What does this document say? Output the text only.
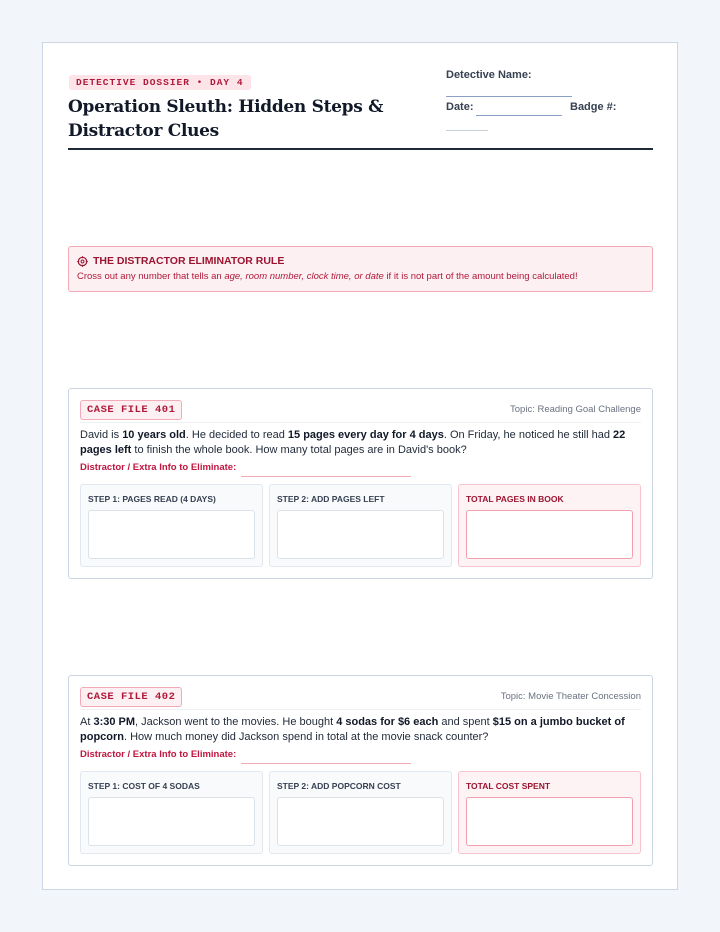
DETECTIVE DOSSIER • DAY 4
Operation Sleuth: Hidden Steps & Distractor Clues
Detective Name:
Date:	Badge #:
THE DISTRACTOR ELIMINATOR RULE
Cross out any number that tells an age, room number, clock time, or date if it is not part of the amount being calculated!
CASE FILE 401	Topic: Reading Goal Challenge
David is 10 years old. He decided to read 15 pages every day for 4 days. On Friday, he noticed he still had 22 pages left to finish the whole book. How many total pages are in David's book?
Distractor / Extra Info to Eliminate:
STEP 1: PAGES READ (4 DAYS)	STEP 2: ADD PAGES LEFT	TOTAL PAGES IN BOOK
CASE FILE 402	Topic: Movie Theater Concession
At 3:30 PM, Jackson went to the movies. He bought 4 sodas for $6 each and spent $15 on a jumbo bucket of popcorn. How much money did Jackson spend in total at the movie snack counter?
Distractor / Extra Info to Eliminate:
STEP 1: COST OF 4 SODAS	STEP 2: ADD POPCORN COST	TOTAL COST SPENT
